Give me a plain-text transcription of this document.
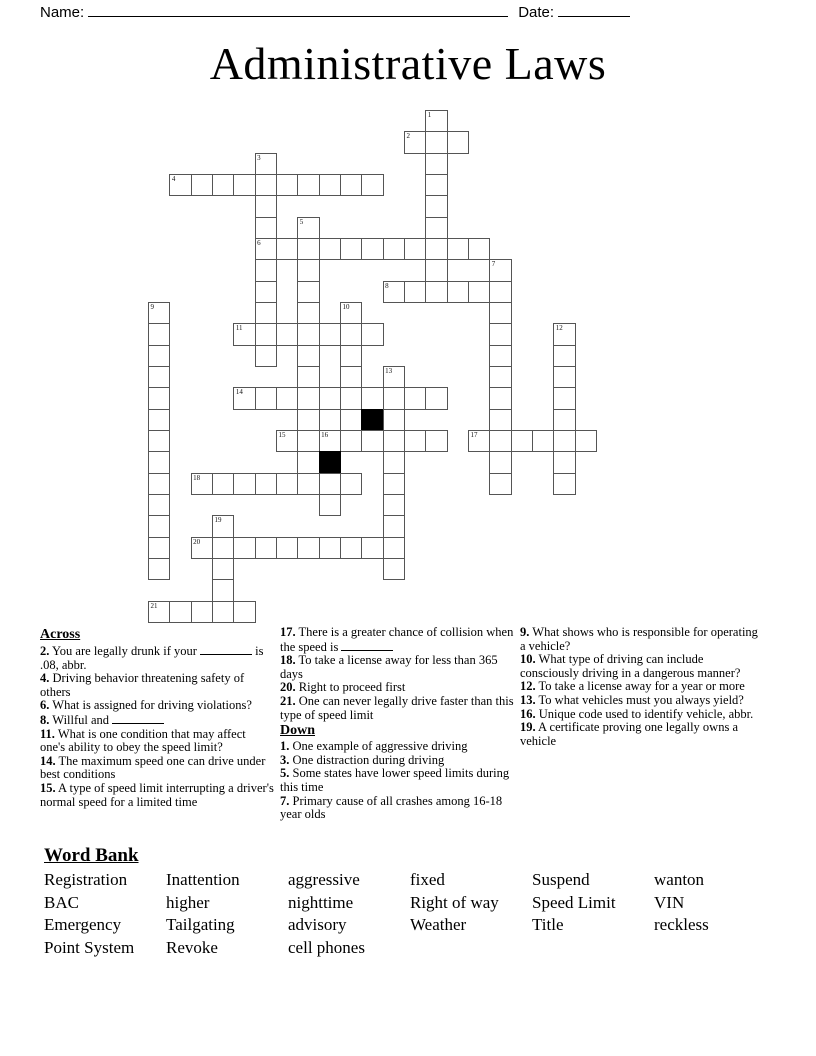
Name:	Date:
Administrative Laws
1
2
3
4
5
6
7
8
9	10
11	12
13
14
15	16	17
18
19
20
21
Across

2. You are legally drunk if your	is .08, abbr.

4. Driving behavior threatening safety of others

6. What is assigned for driving violations?

8. Willful and

11. What is one condition that may affect one's ability to obey the speed limit?

14. The maximum speed one can drive under best conditions

15. A type of speed limit interrupting a driver's normal speed for a limited time

17. There is a greater chance of collision when the speed is

18. To take a license away for less than 365 days

20. Right to proceed first

21. One can never legally drive faster than this type of speed limit

Down

1. One example of aggressive driving

3. One distraction during driving

5. Some states have lower speed limits during this time

7. Primary cause of all crashes among 16-18 year olds

9. What shows who is responsible for operating a vehicle?

10. What type of driving can include consciously driving in a dangerous manner?

12. To take a license away for a year or more

13. To what vehicles must you always yield?

16. Unique code used to identify vehicle, abbr.

19. A certificate proving one legally owns a vehicle

Word Bank
Registration
BAC
Emergency
Point System
Inattention
higher
Tailgating
Revoke
aggressive
nighttime
advisory
cell phones
fixed
Right of way
Weather
Suspend
Speed Limit
Title
wanton
VIN
reckless
